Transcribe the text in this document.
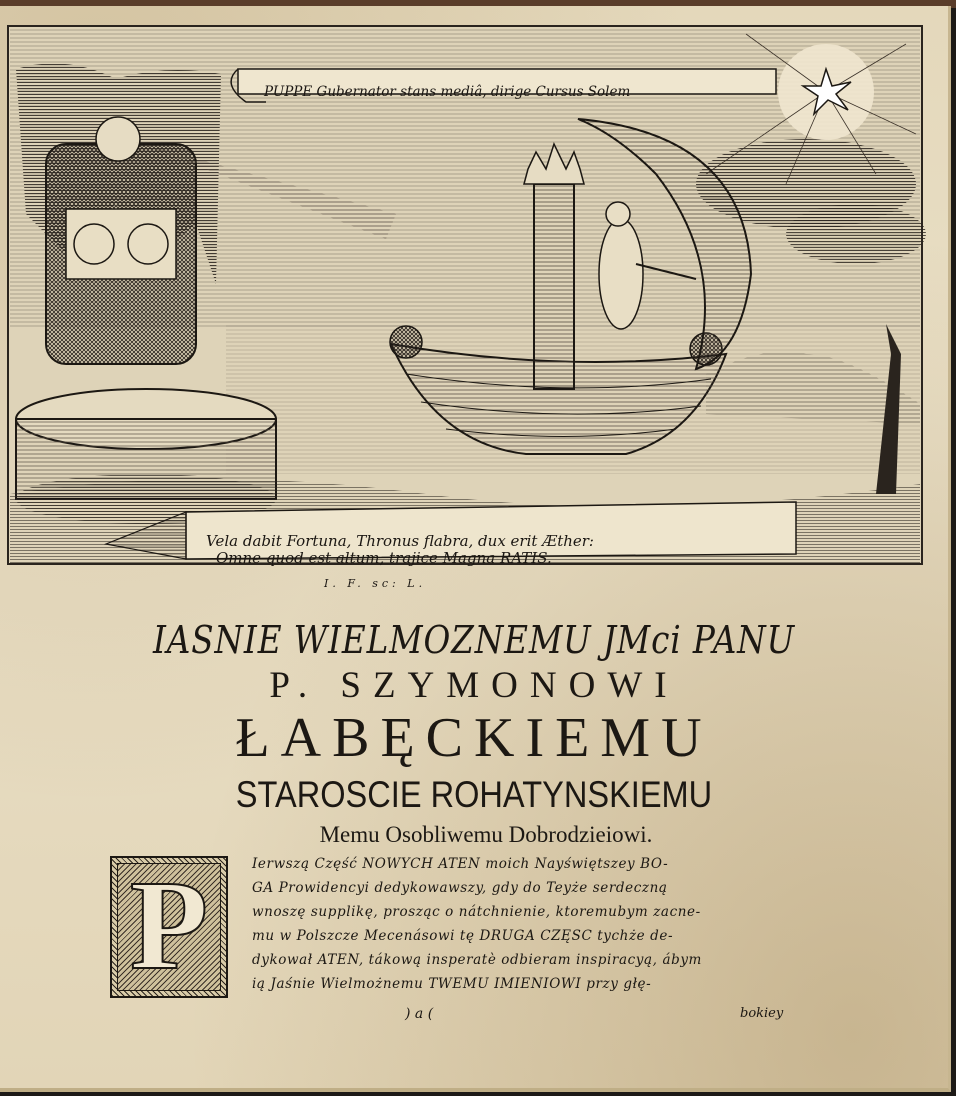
PUPPE Gubernator stans mediâ, dirige Cursus Solem
Vela dabit Fortuna, Thronus flabra, dux erit Æther:
Omne quod est altum, trajice Magna RATIS.
I. F. sc: L.
IASNIE WIELMOZNEMU JMci PANU
P. SZYMONOWI
ŁABĘCKIEMU
STAROSCIE ROHATYNSKIEMU
Memu Osobliwemu Dobrodzieiowi.
P	Ierwszą Część NOWYCH ATEN moich Nayświętszey BO-
GA Prowidencyi dedykowawszy, gdy do Teyże serdeczną
wnoszę supplikę, prosząc o nátchnienie, ktoremubym zacne-
mu w Polszcze Mecenásowi tę DRUGA CZĘSC tychże de-
dykował ATEN, tákową insperatè odbieram inspiracyą, ábym
ią Jaśnie Wielmożnemu TWEMU IMIENIOWI przy głę-
) a (	bokiey
